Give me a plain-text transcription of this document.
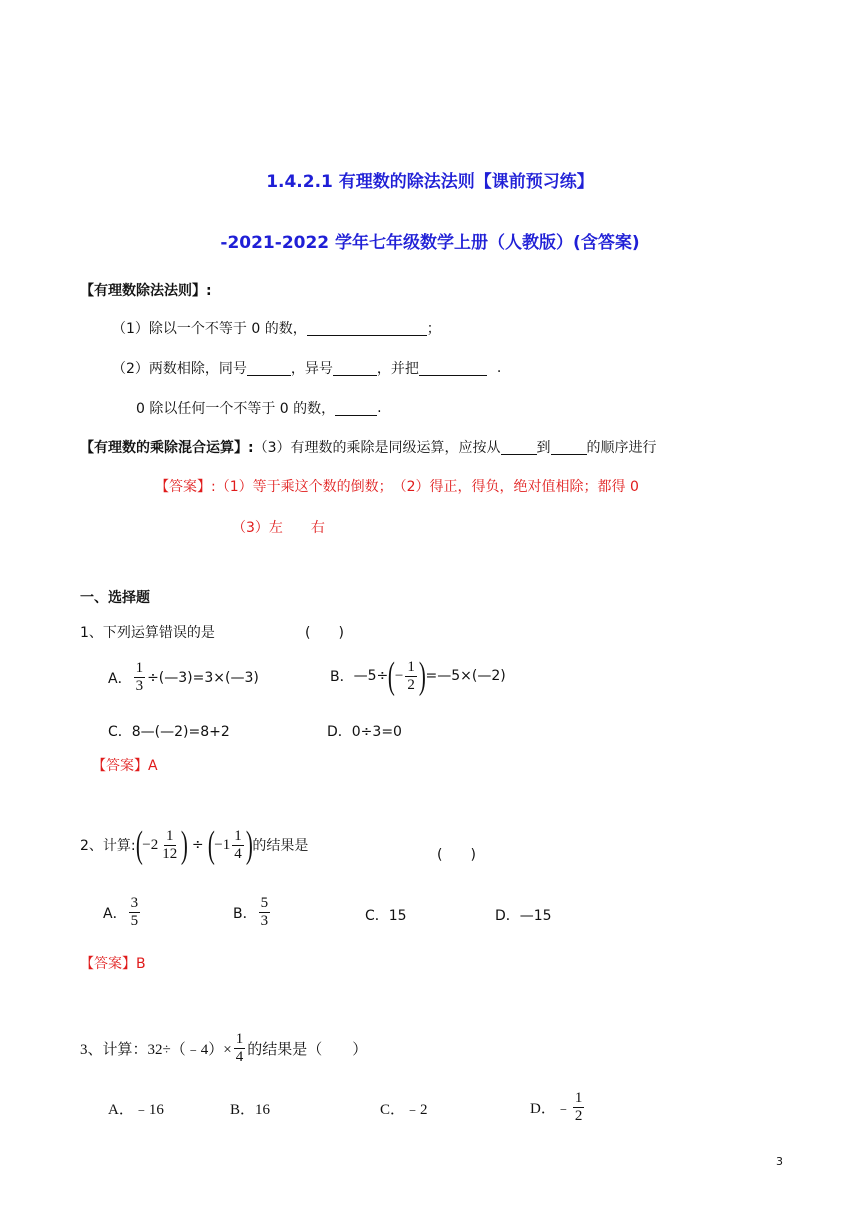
1.4.2.1 有理数的除法法则【课前预习练】
-2021-2022 学年七年级数学上册（人教版）(含答案)
【有理数除法法则】:
（1）除以一个不等于 0 的数，	；
（2）两数相除，同号	，异号	，并把	.
0 除以任何一个不等于 0 的数，	.
【有理数的乘除混合运算】: （3）有理数的乘除是同级运算，应按从	到	的顺序进行
【答案】:（1）等于乘这个数的倒数；　（2）得正，得负，绝对值相除；都得 0
（3）左　　右
一、选择题
1、下列运算错误的是	(　　)
A． $\frac{1}{3}$ ÷(—3)=3×(—3)	B． —5÷ ( − $\frac{1}{2}$ ) =—5×(—2)
C．8—(—2)=8+2	D．0÷3=0
【答案】A
2、计算: ( $-2 \frac{1}{12}$ ) ÷ ( $-1 \frac{1}{4}$ ) 的结果是
(　　)
A． $\frac{3}{5}$	B． $\frac{5}{3}$	C．15	D．—15
【答案】B
3、计算：32÷（﹣4）× $\frac{1}{4}$ 的结果是（　　）
A．﹣16	B．16	C．﹣2	D．﹣ $\frac{1}{2}$
3
